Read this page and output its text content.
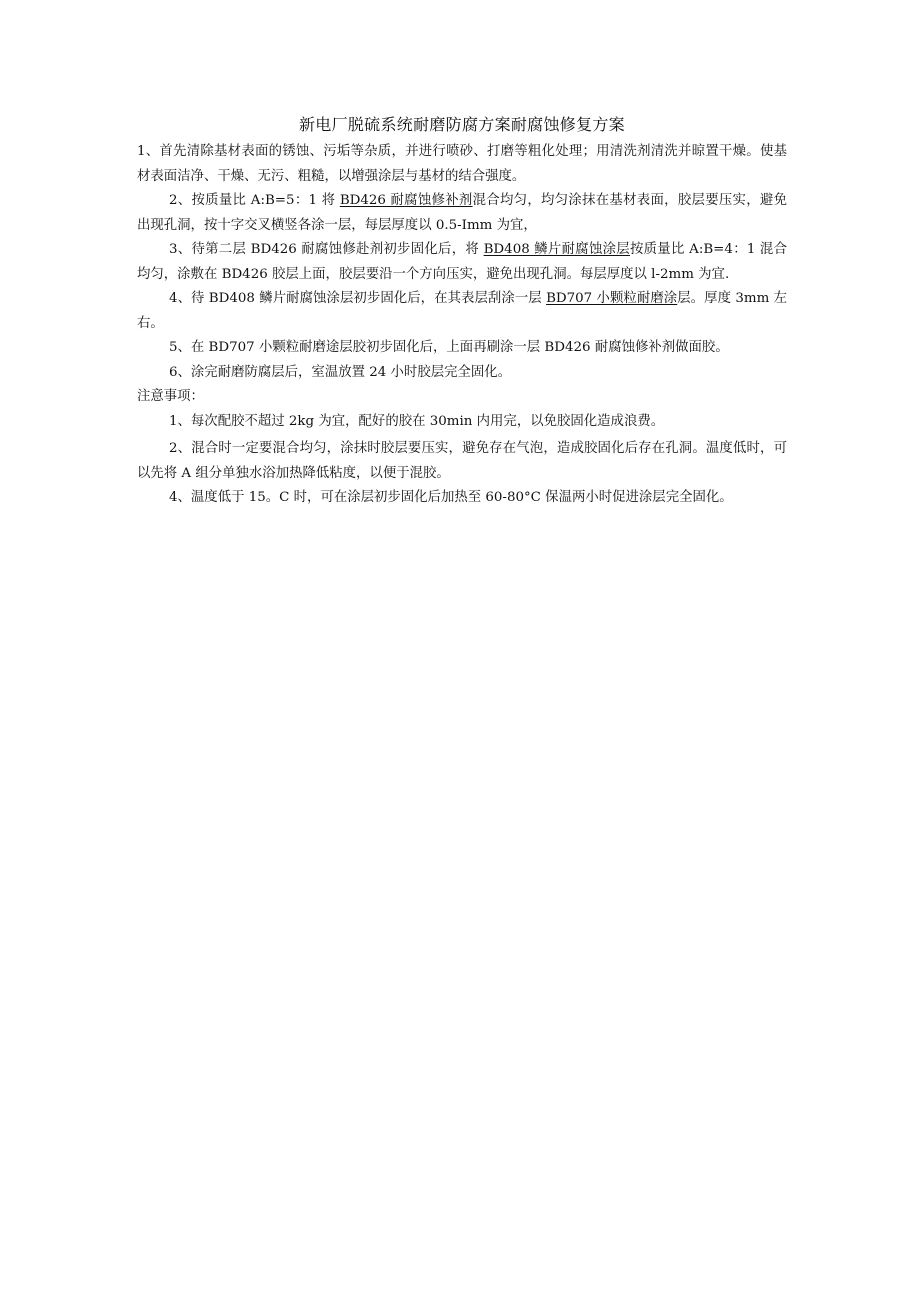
新电厂脱硫系统耐磨防腐方案耐腐蚀修复方案

1、首先清除基材表面的锈蚀、污垢等杂质，并进行喷砂、打磨等粗化处理；用清洗剂清洗并晾置干燥。使基材表面洁净、干燥、无污、粗糙，以增强涂层与基材的结合强度。

2、按质量比 A:B=5：1 将 BD426 耐腐蚀修补剂混合均匀，均匀涂抹在基材表面，胶层要压实，避免出现孔洞，按十字交叉横竖各涂一层，每层厚度以 0.5-Imm 为宜，

3、待第二层 BD426 耐腐蚀修赴剂初步固化后，将 BD408 鳞片耐腐蚀涂层按质量比 A:B=4：1 混合均匀，涂敷在 BD426 胶层上面，胶层要沿一个方向压实，避免出现孔洞。每层厚度以 l-2mm 为宜.

4、待 BD408 鳞片耐腐蚀涂层初步固化后，在其表层刮涂一层 BD707 小颗粒耐磨涂层。厚度 3mm 左右。

5、在 BD707 小颗粒耐磨途层胶初步固化后，上面再刷涂一层 BD426 耐腐蚀修补剂做面胶。

6、涂完耐磨防腐层后，室温放置 24 小时胶层完全固化。

注意事项：

1、每次配胶不超过 2kg 为宜，配好的胶在 30min 内用完，以免胶固化造成浪费。

2、混合时一定要混合均匀，涂抹时胶层要压实，避免存在气泡，造成胶固化后存在孔洞。温度低时，可以先将 A 组分单独水浴加热降低粘度，以便于混胶。

4、温度低于 15。C 时，可在涂层初步固化后加热至 60-80°C 保温两小时促进涂层完全固化。
